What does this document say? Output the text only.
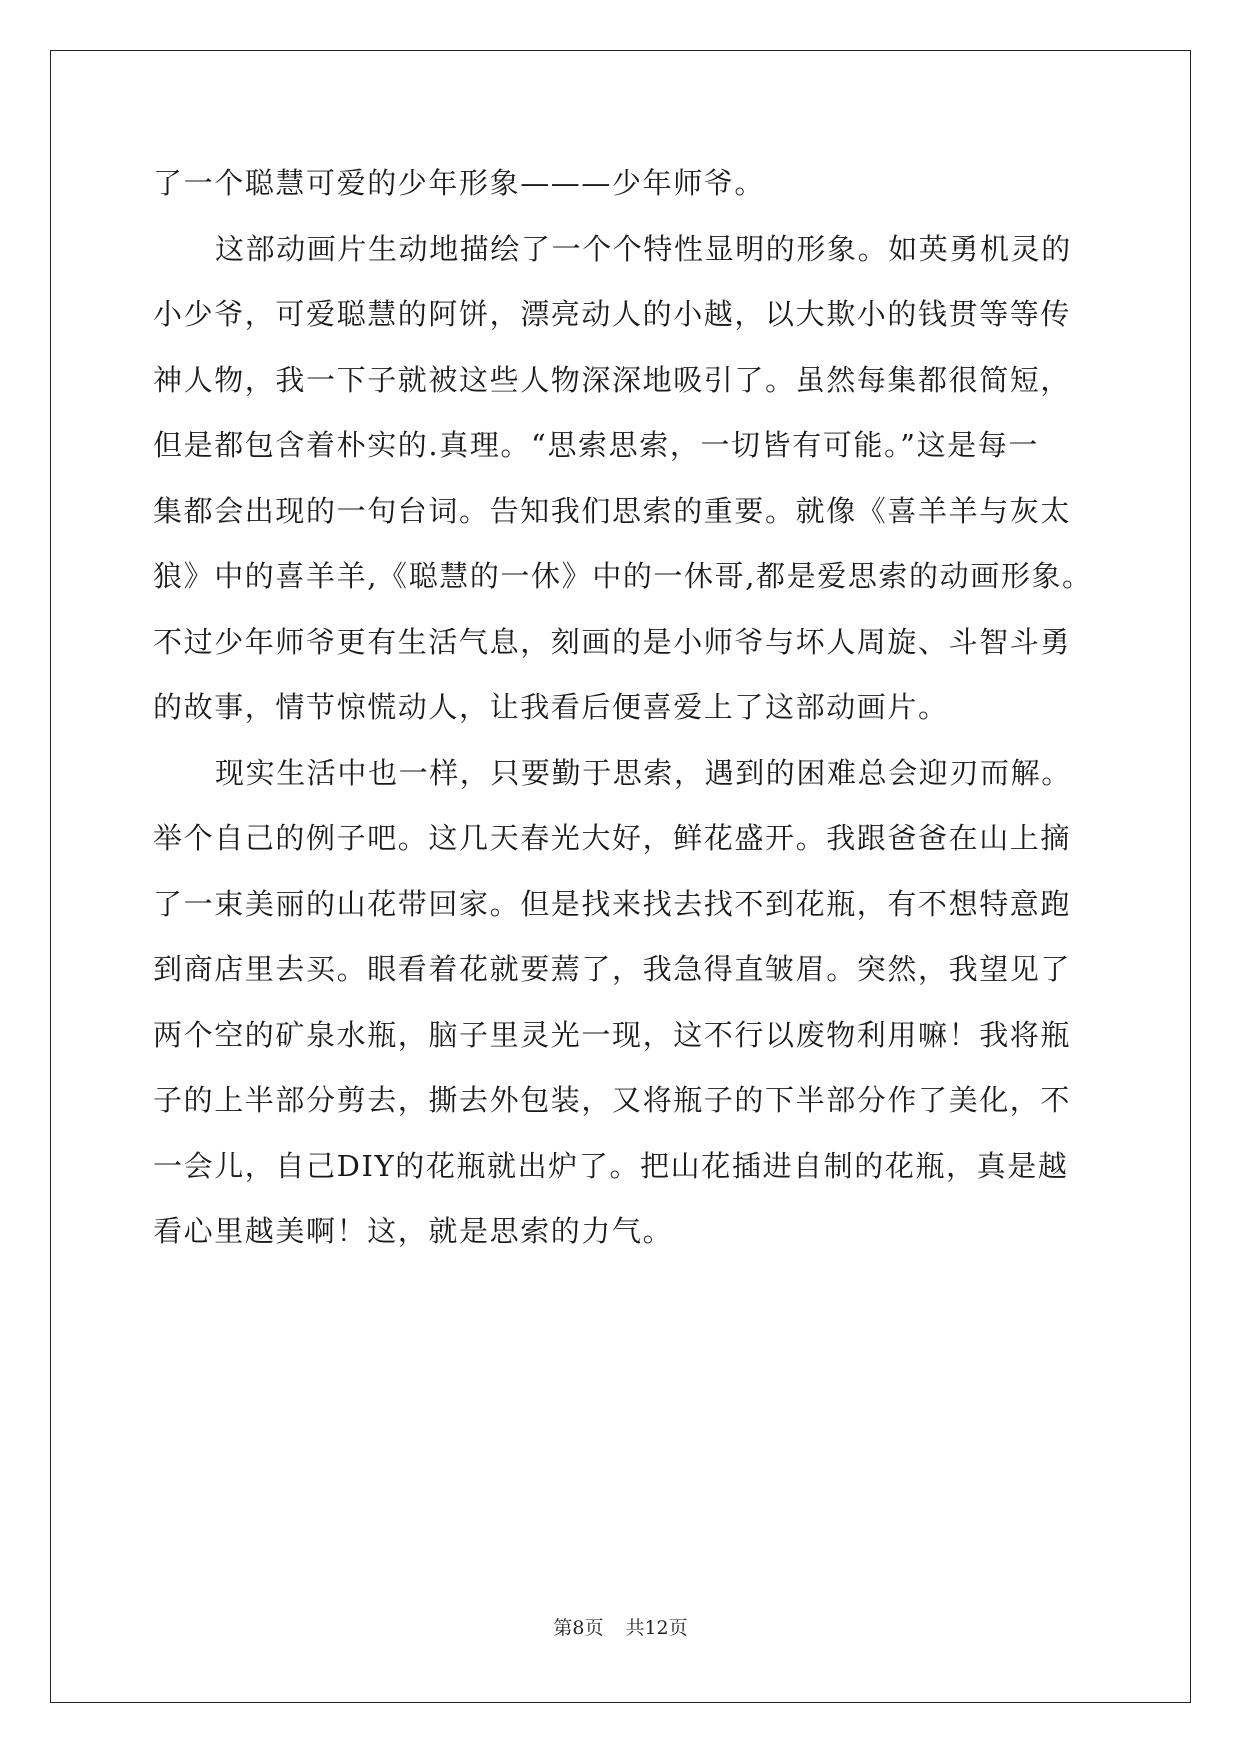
了一个聪慧可爱的少年形象———少年师爷。
这部动画片生动地描绘了一个个特性显明的形象。如英勇机灵的
小少爷，可爱聪慧的阿饼，漂亮动人的小越，以大欺小的钱贯等等传
神人物，我一下子就被这些人物深深地吸引了。虽然每集都很简短，
但是都包含着朴实的.真理。“思索思索，一切皆有可能。”这是每一
集都会出现的一句台词。告知我们思索的重要。就像《喜羊羊与灰太
狼》中的喜羊羊,《聪慧的一休》中的一休哥,都是爱思索的动画形象。
不过少年师爷更有生活气息，刻画的是小师爷与坏人周旋、斗智斗勇
的故事，情节惊慌动人，让我看后便喜爱上了这部动画片。
现实生活中也一样，只要勤于思索，遇到的困难总会迎刃而解。
举个自己的例子吧。这几天春光大好，鲜花盛开。我跟爸爸在山上摘
了一束美丽的山花带回家。但是找来找去找不到花瓶，有不想特意跑
到商店里去买。眼看着花就要蔫了，我急得直皱眉。突然，我望见了
两个空的矿泉水瓶，脑子里灵光一现，这不行以废物利用嘛！我将瓶
子的上半部分剪去，撕去外包装，又将瓶子的下半部分作了美化，不
一会儿，自己DIY的花瓶就出炉了。把山花插进自制的花瓶，真是越
看心里越美啊！这，就是思索的力气。
第8页 共12页
